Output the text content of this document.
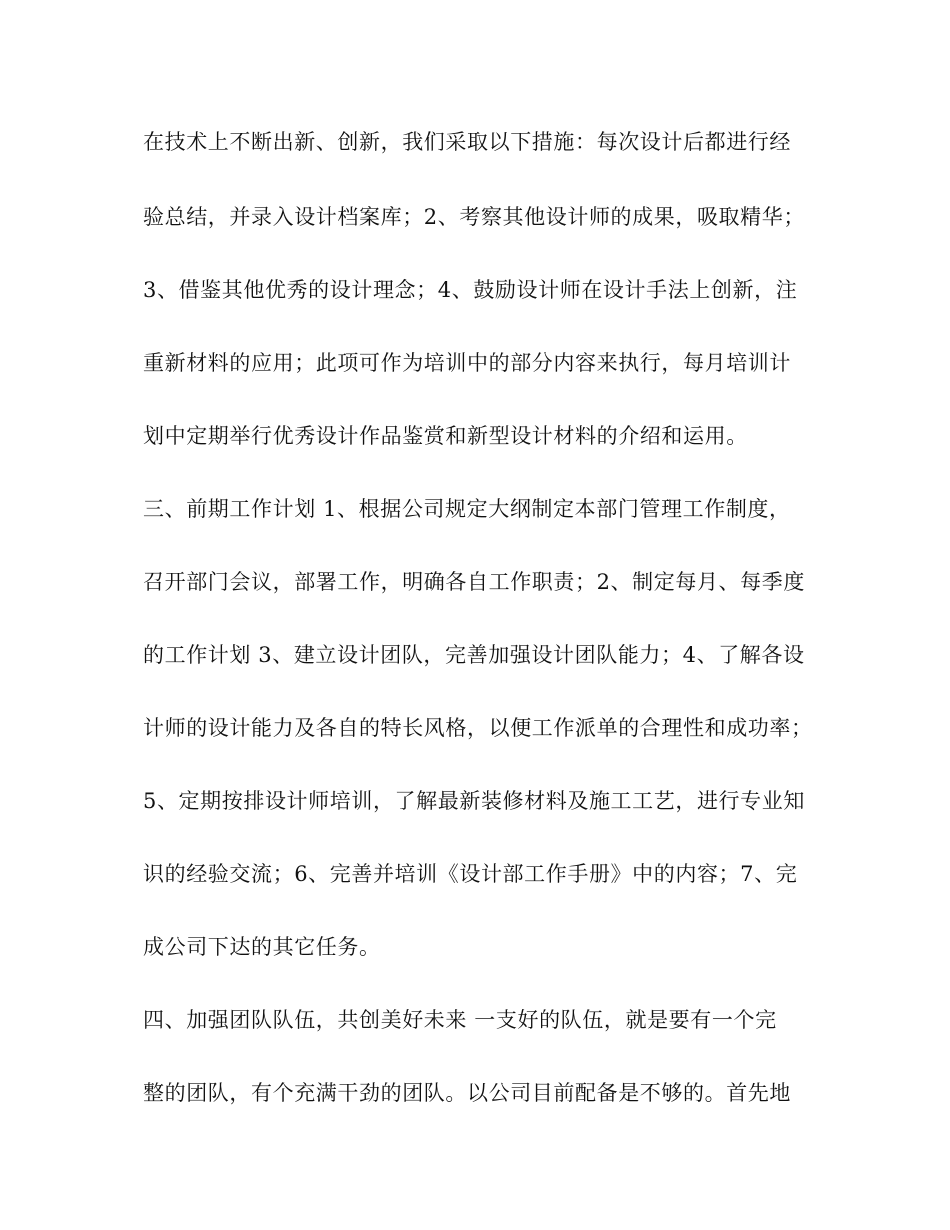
在技术上不断出新、创新，我们采取以下措施：每次设计后都进行经
验总结，并录入设计档案库；2、考察其他设计师的成果，吸取精华；
3、借鉴其他优秀的设计理念；4、鼓励设计师在设计手法上创新，注
重新材料的应用；此项可作为培训中的部分内容来执行，每月培训计
划中定期举行优秀设计作品鉴赏和新型设计材料的介绍和运用。
三、前期工作计划 1、根据公司规定大纲制定本部门管理工作制度，
召开部门会议，部署工作，明确各自工作职责；2、制定每月、每季度
的工作计划 3、建立设计团队，完善加强设计团队能力；4、了解各设
计师的设计能力及各自的特长风格，以便工作派单的合理性和成功率；
5、定期按排设计师培训，了解最新装修材料及施工工艺，进行专业知
识的经验交流；6、完善并培训《设计部工作手册》中的内容；7、完
成公司下达的其它任务。
四、加强团队队伍，共创美好未来 一支好的队伍，就是要有一个完
整的团队，有个充满干劲的团队。以公司目前配备是不够的。首先地
